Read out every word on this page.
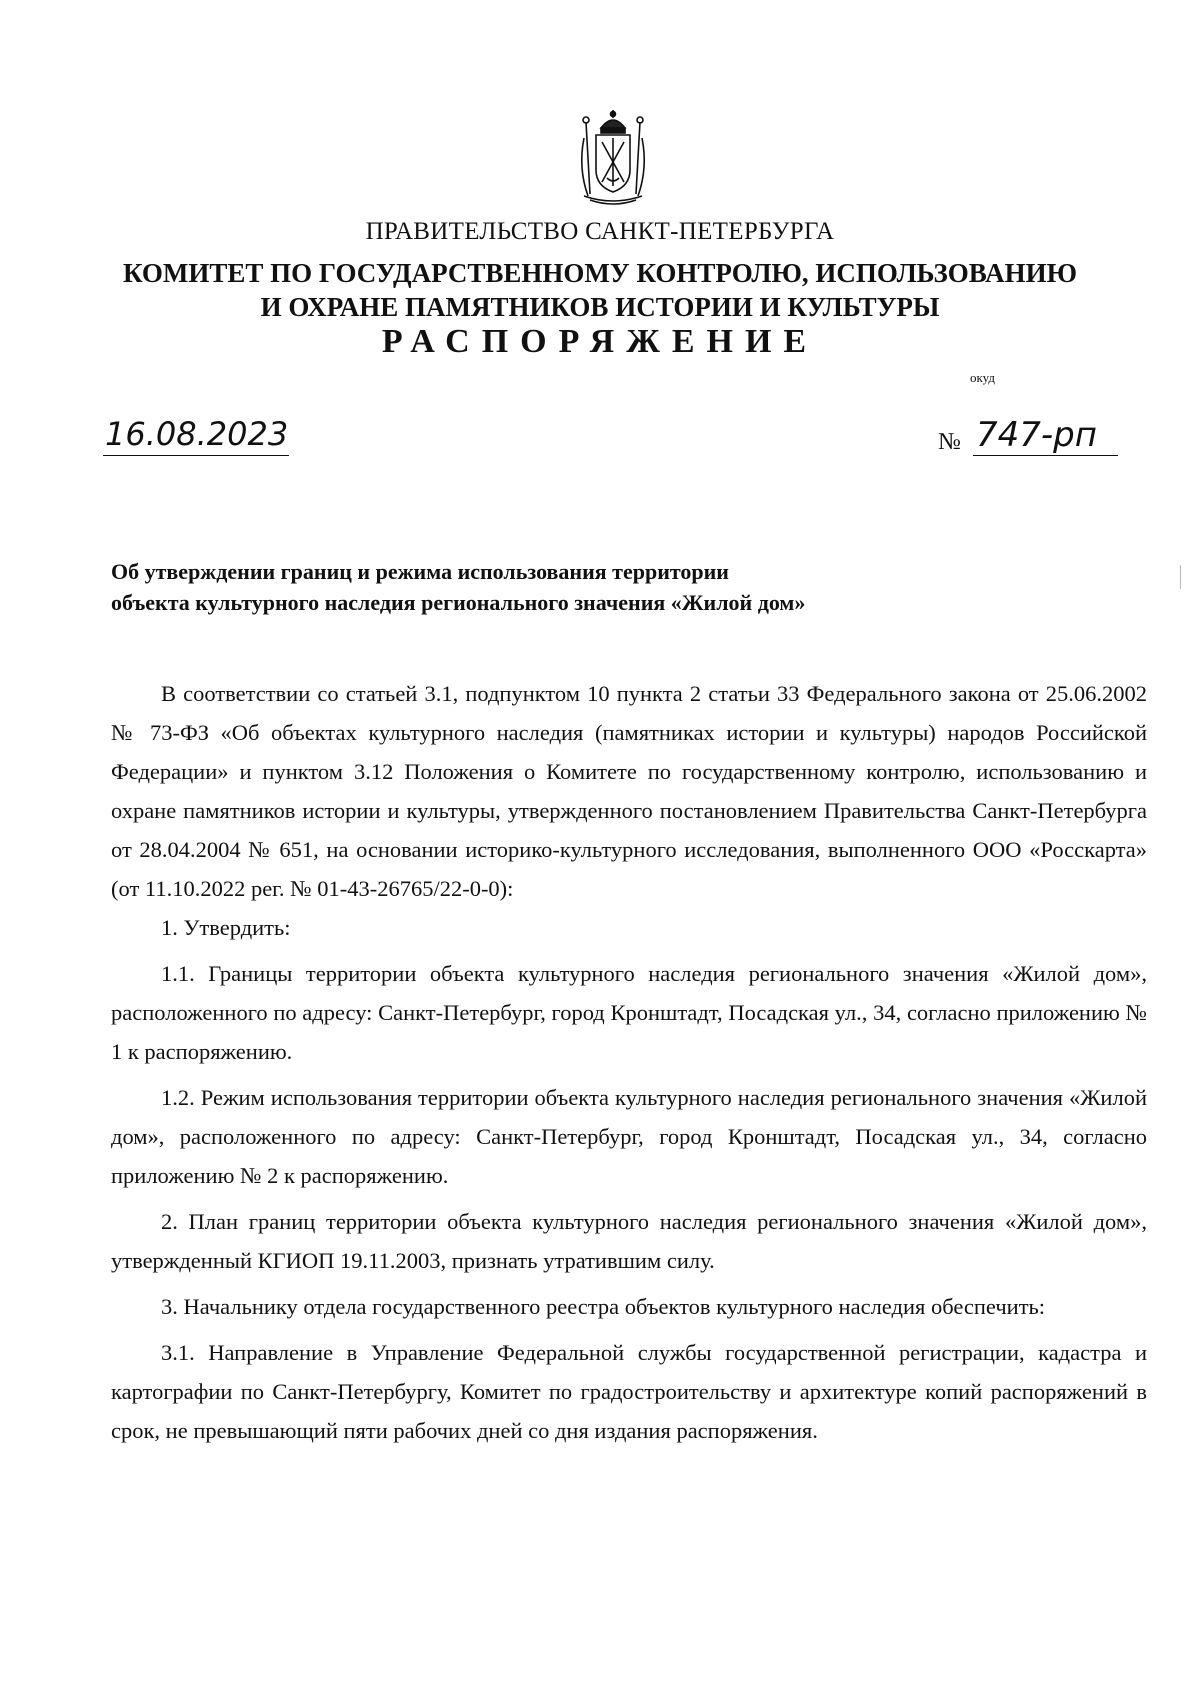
ПРАВИТЕЛЬСТВО САНКТ-ПЕТЕРБУРГА
КОМИТЕТ ПО ГОСУДАРСТВЕННОМУ КОНТРОЛЮ, ИСПОЛЬЗОВАНИЮ
И ОХРАНЕ ПАМЯТНИКОВ ИСТОРИИ И КУЛЬТУРЫ
РАСПОРЯЖЕНИЕ
окуд
16.08.2023	№ 747-рп
Об утверждении границ и режима использования территории
объекта культурного наследия регионального значения «Жилой дом»

В соответствии со статьей 3.1, подпунктом 10 пункта 2 статьи 33 Федерального закона от 25.06.2002 № 73-ФЗ «Об объектах культурного наследия (памятниках истории и культуры) народов Российской Федерации» и пунктом 3.12 Положения о Комитете по государственному контролю, использованию и охране памятников истории и культуры, утвержденного постановлением Правительства Санкт-Петербурга от 28.04.2004 № 651, на основании историко-культурного исследования, выполненного ООО «Росскарта» (от 11.10.2022 рег. № 01-43-26765/22-0-0):

1. Утвердить:

1.1. Границы территории объекта культурного наследия регионального значения «Жилой дом», расположенного по адресу: Санкт-Петербург, город Кронштадт, Посадская ул., 34, согласно приложению № 1 к распоряжению.

1.2. Режим использования территории объекта культурного наследия регионального значения «Жилой дом», расположенного по адресу: Санкт-Петербург, город Кронштадт, Посадская ул., 34, согласно приложению № 2 к распоряжению.

2. План границ территории объекта культурного наследия регионального значения «Жилой дом», утвержденный КГИОП 19.11.2003, признать утратившим силу.

3. Начальнику отдела государственного реестра объектов культурного наследия обеспечить:

3.1. Направление в Управление Федеральной службы государственной регистрации, кадастра и картографии по Санкт-Петербургу, Комитет по градостроительству и архитектуре копий распоряжений в срок, не превышающий пяти рабочих дней со дня издания распоряжения.
